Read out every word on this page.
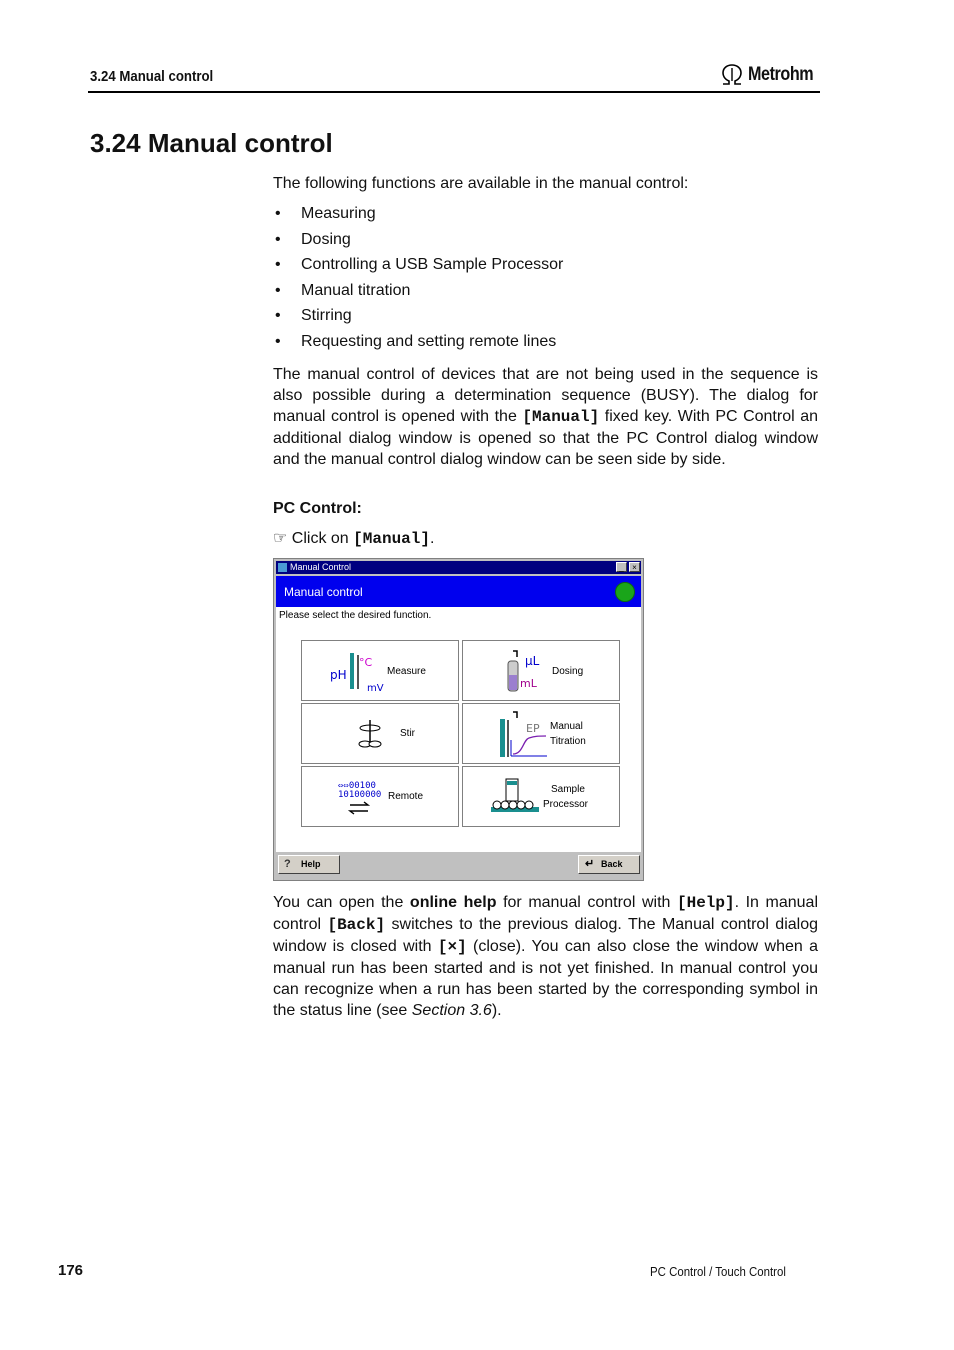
3.24 Manual control	Metrohm
3.24 Manual control
The following functions are available in the manual control:
• Measuring
• Dosing
• Controlling a USB Sample Processor
• Manual titration
• Stirring
• Requesting and setting remote lines
The manual control of devices that are not being used in the sequence is also possible during a determination sequence (BUSY). The dialog for manual control is opened with the [Manual] fixed key. With PC Control an additional dialog window is opened so that the PC Control dialog window and the manual control dialog window can be seen side by side.
PC Control:
☞ Click on [Manual].
Manual Control	_	×
Manual control
Please select the desired function.
pH
°C
mV
Measure
μL
mL
Dosing
Stir	EP Manual
Titration
⇔⇔00100
10100000 Remote
Sample
Processor
? Help	↵ Back
You can open the online help for manual control with [Help]. In manual control [Back] switches to the previous dialog. The Manual control dialog window is closed with [×] (close). You can also close the window when a manual run has been started and is not yet finished. In manual control you can recognize when a run has been started by the corresponding symbol in the status line (see Section 3.6).
176	PC Control / Touch Control
